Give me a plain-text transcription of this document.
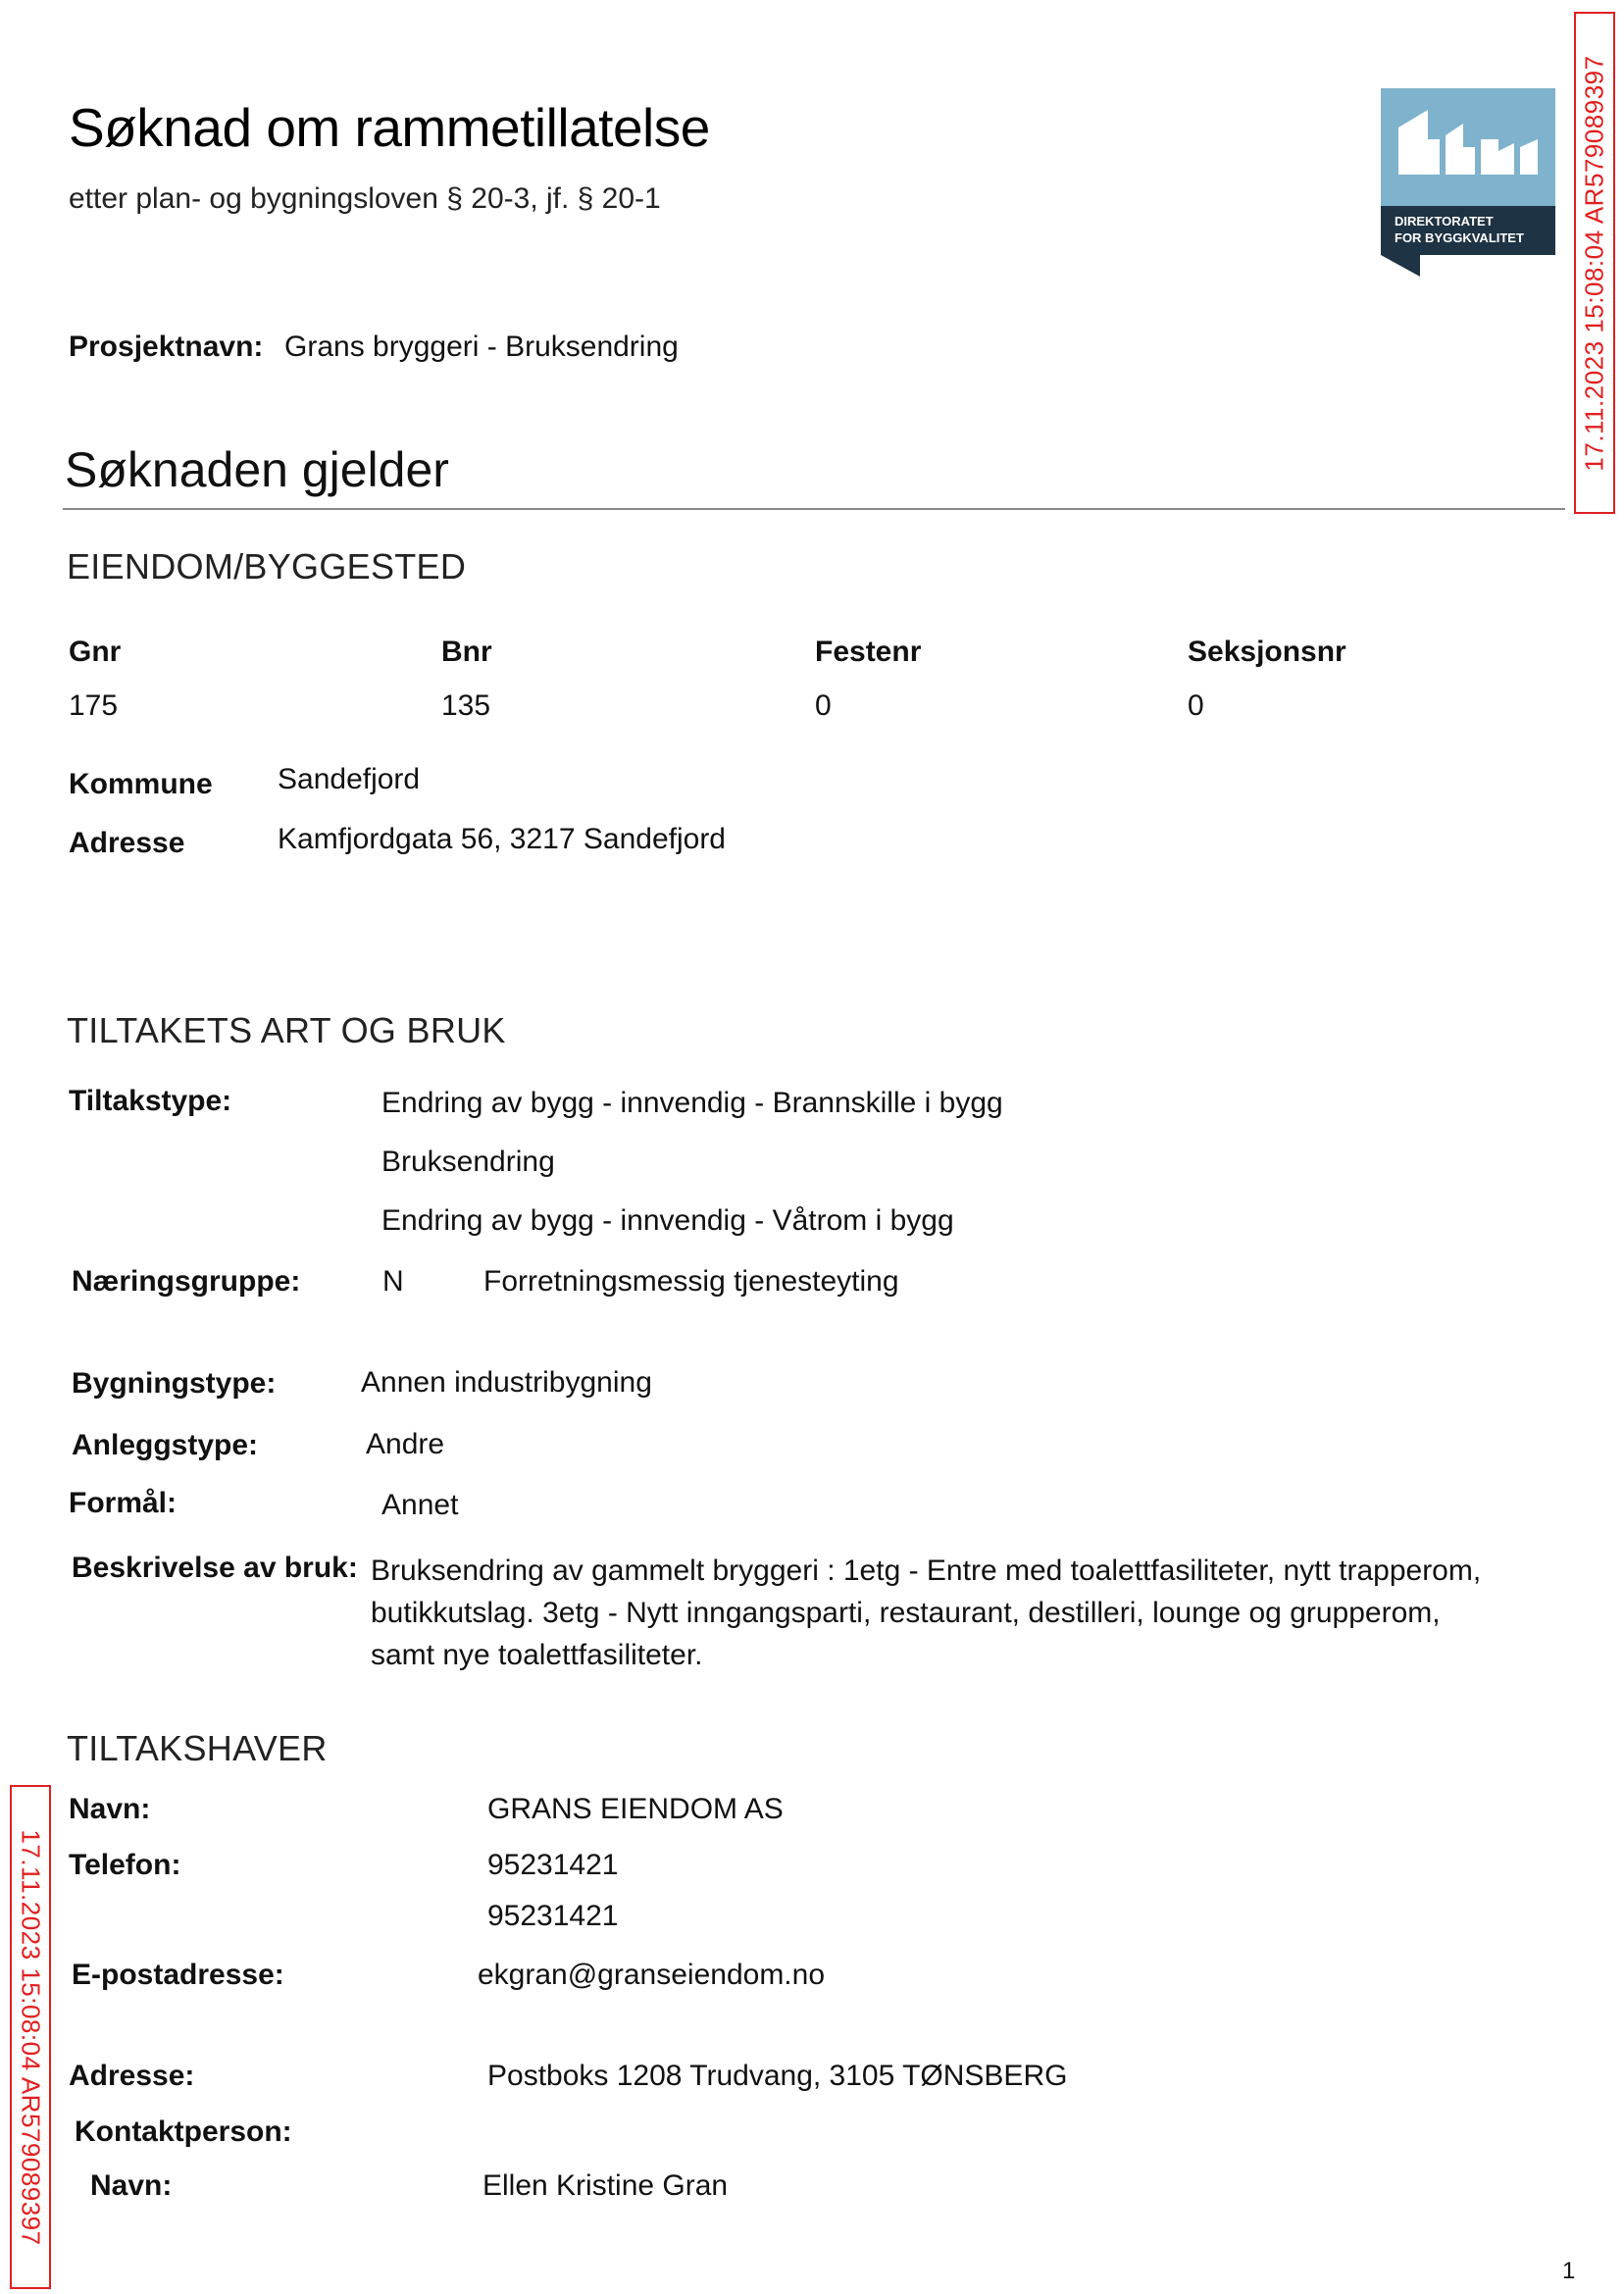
Søknad om rammetillatelse
etter plan- og bygningsloven § 20-3, jf. § 20-1
DIREKTORATET
FOR BYGGKVALITET 17.11.2023 15:08:04 AR579089397
17.11.2023 15:08:04 AR579089397
Prosjektnavn: Grans bryggeri - Bruksendring
Søknaden gjelder
EIENDOM/BYGGESTED
Gnr	Bnr	Festenr	Seksjonsnr
175	135	0	0
Kommune Sandefjord
Adresse	Kamfjordgata 56, 3217 Sandefjord
TILTAKETS ART OG BRUK
Tiltakstype:	Endring av bygg - innvendig - Brannskille i bygg
Bruksendring
Endring av bygg - innvendig - Våtrom i bygg
Næringsgruppe:	N	Forretningsmessig tjenesteyting
Bygningstype:	Annen industribygning
Anleggstype:	Andre
Formål:	Annet
Beskrivelse av bruk: Bruksendring av gammelt bryggeri : 1etg - Entre med toalettfasiliteter, nytt trapperom,
butikkutslag. 3etg - Nytt inngangsparti, restaurant, destilleri, lounge og grupperom,
samt nye toalettfasiliteter.
TILTAKSHAVER
Navn:	GRANS EIENDOM AS
Telefon:	95231421
95231421
E-postadresse:	ekgran@granseiendom.no
Adresse:	Postboks 1208 Trudvang, 3105 TØNSBERG
Kontaktperson:
Navn:	Ellen Kristine Gran
1
